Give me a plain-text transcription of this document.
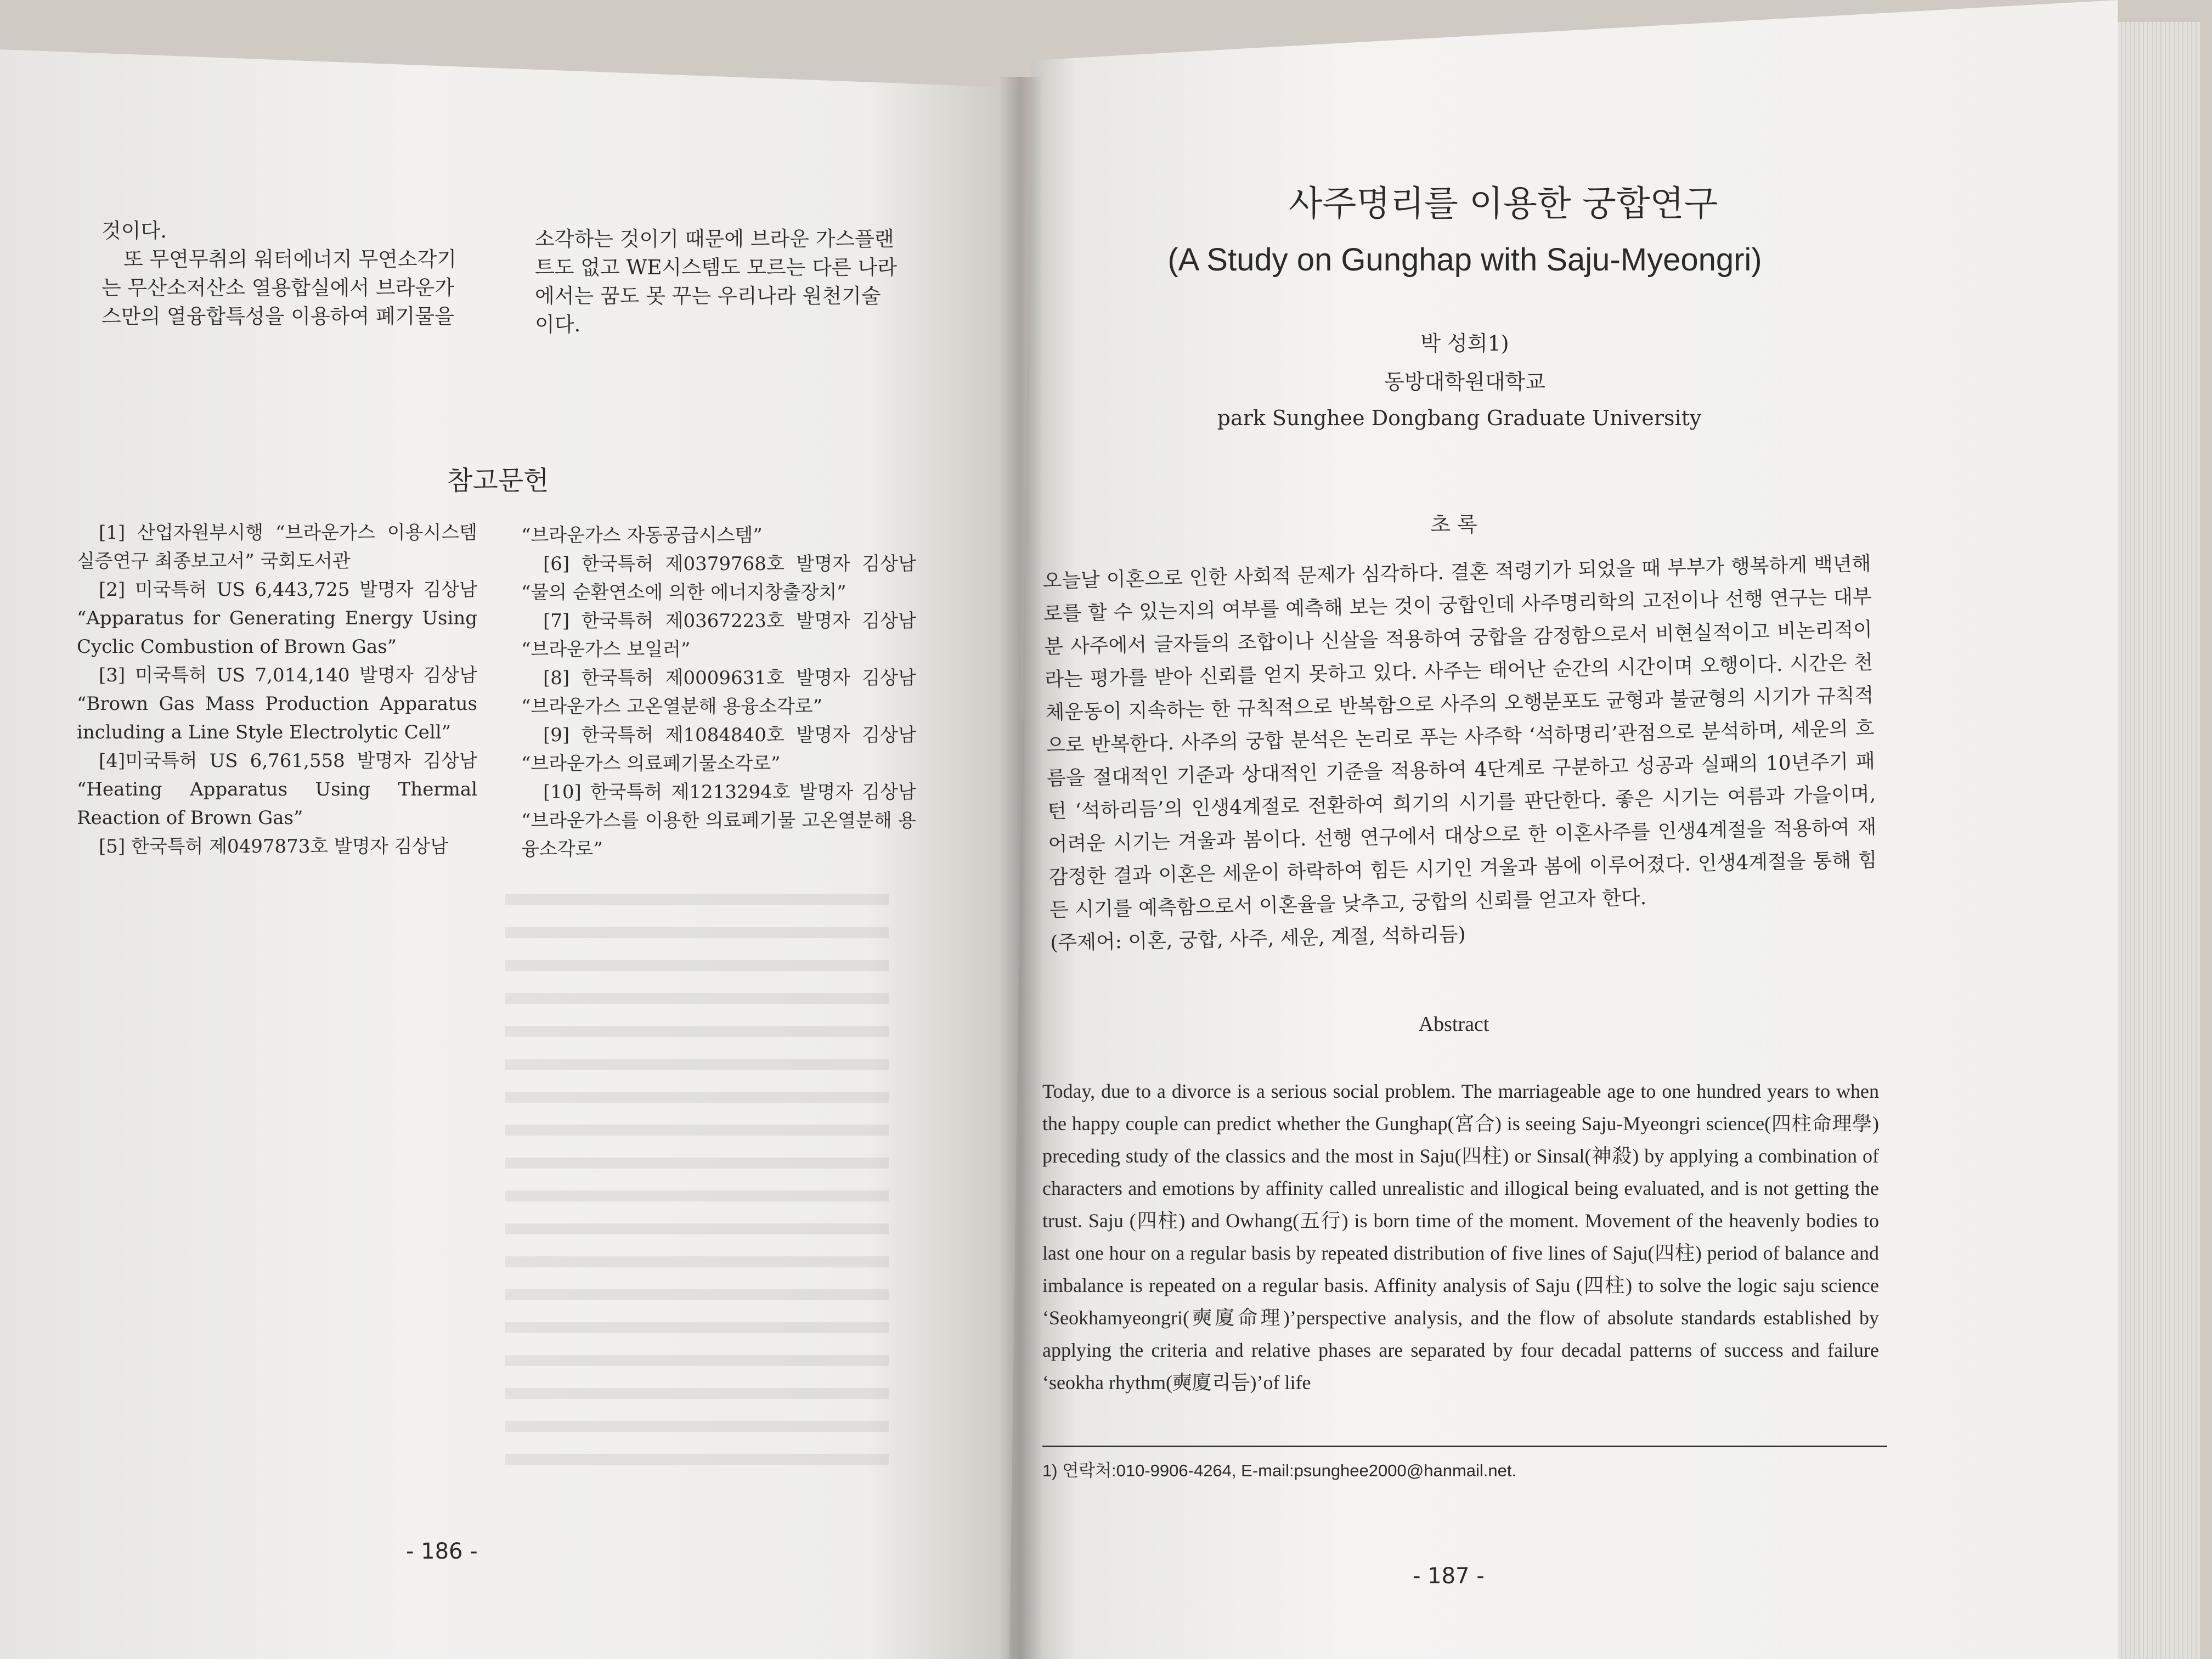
것이다.
또 무연무취의 워터에너지 무연소각기
는 무산소저산소 열용합실에서 브라운가
스만의 열융합특성을 이용하여 폐기물을
소각하는 것이기 때문에 브라운 가스플랜
트도 없고 WE시스템도 모르는 다른 나라
에서는 꿈도 못 꾸는 우리나라 원천기술
이다.
참고문헌
[1] 산업자원부시행 “브라운가스 이용시스템 실증연구 최종보고서” 국회도서관
[2] 미국특허 US 6,443,725 발명자 김상남 “Apparatus for Generating Energy Using Cyclic Combustion of Brown Gas”
[3] 미국특허 US 7,014,140 발명자 김상남 “Brown Gas Mass Production Apparatus including a Line Style Electrolytic Cell”
[4]미국특허 US 6,761,558 발명자 김상남 “Heating Apparatus Using Thermal Reaction of Brown Gas”
[5] 한국특허 제0497873호 발명자 김상남
“브라운가스 자동공급시스템”
[6] 한국특허 제0379768호 발명자 김상남 “물의 순환연소에 의한 에너지창출장치”
[7] 한국특허 제0367223호 발명자 김상남 “브라운가스 보일러”
[8] 한국특허 제0009631호 발명자 김상남 “브라운가스 고온열분해 용융소각로”
[9] 한국특허 제1084840호 발명자 김상남 “브라운가스 의료폐기물소각로”
[10] 한국특허 제1213294호 발명자 김상남 “브라운가스를 이용한 의료폐기물 고온열분해 용융소각로”
- 186 -
사주명리를 이용한 궁합연구
(A Study on Gunghap with Saju-Myeongri)
박 성희1)
동방대학원대학교
park Sunghee Dongbang Graduate University
초 록
오늘날 이혼으로 인한 사회적 문제가 심각하다. 결혼 적령기가 되었을 때 부부가 행복하게 백년해로를 할 수 있는지의 여부를 예측해 보는 것이 궁합인데 사주명리학의 고전이나 선행 연구는 대부분 사주에서 글자들의 조합이나 신살을 적용하여 궁합을 감정함으로서 비현실적이고 비논리적이라는 평가를 받아 신뢰를 얻지 못하고 있다. 사주는 태어난 순간의 시간이며 오행이다. 시간은 천체운동이 지속하는 한 규칙적으로 반복함으로 사주의 오행분포도 균형과 불균형의 시기가 규칙적으로 반복한다. 사주의 궁합 분석은 논리로 푸는 사주학 ‘석하명리’관점으로 분석하며, 세운의 흐름을 절대적인 기준과 상대적인 기준을 적용하여 4단계로 구분하고 성공과 실패의 10년주기 패턴 ‘석하리듬’의 인생4계절로 전환하여 희기의 시기를 판단한다. 좋은 시기는 여름과 가을이며, 어려운 시기는 겨울과 봄이다. 선행 연구에서 대상으로 한 이혼사주를 인생4계절을 적용하여 재감정한 결과 이혼은 세운이 하락하여 힘든 시기인 겨울과 봄에 이루어졌다. 인생4계절을 통해 힘든 시기를 예측함으로서 이혼율을 낮추고, 궁합의 신뢰를 얻고자 한다.
(주제어: 이혼, 궁합, 사주, 세운, 계절, 석하리듬)
Abstract
Today, due to a divorce is a serious social problem. The marriageable age to one hundred years to when the happy couple can predict whether the Gunghap(宮合) is seeing Saju-Myeongri science(四柱命理學) preceding study of the classics and the most in Saju(四柱) or Sinsal(神殺) by applying a combination of characters and emotions by affinity called unrealistic and illogical being evaluated, and is not getting the trust. Saju (四柱) and Owhang(五行) is born time of the moment. Movement of the heavenly bodies to last one hour on a regular basis by repeated distribution of five lines of Saju(四柱) period of balance and imbalance is repeated on a regular basis. Affinity analysis of Saju (四柱) to solve the logic saju science ‘Seokhamyeongri(奭廈命理)’perspective analysis, and the flow of absolute standards established by applying the criteria and relative phases are separated by four decadal patterns of success and failure ‘seokha rhythm(奭廈리듬)’of life
1) 연락처:010-9906-4264, E-mail:psunghee2000@hanmail.net.
- 187 -
